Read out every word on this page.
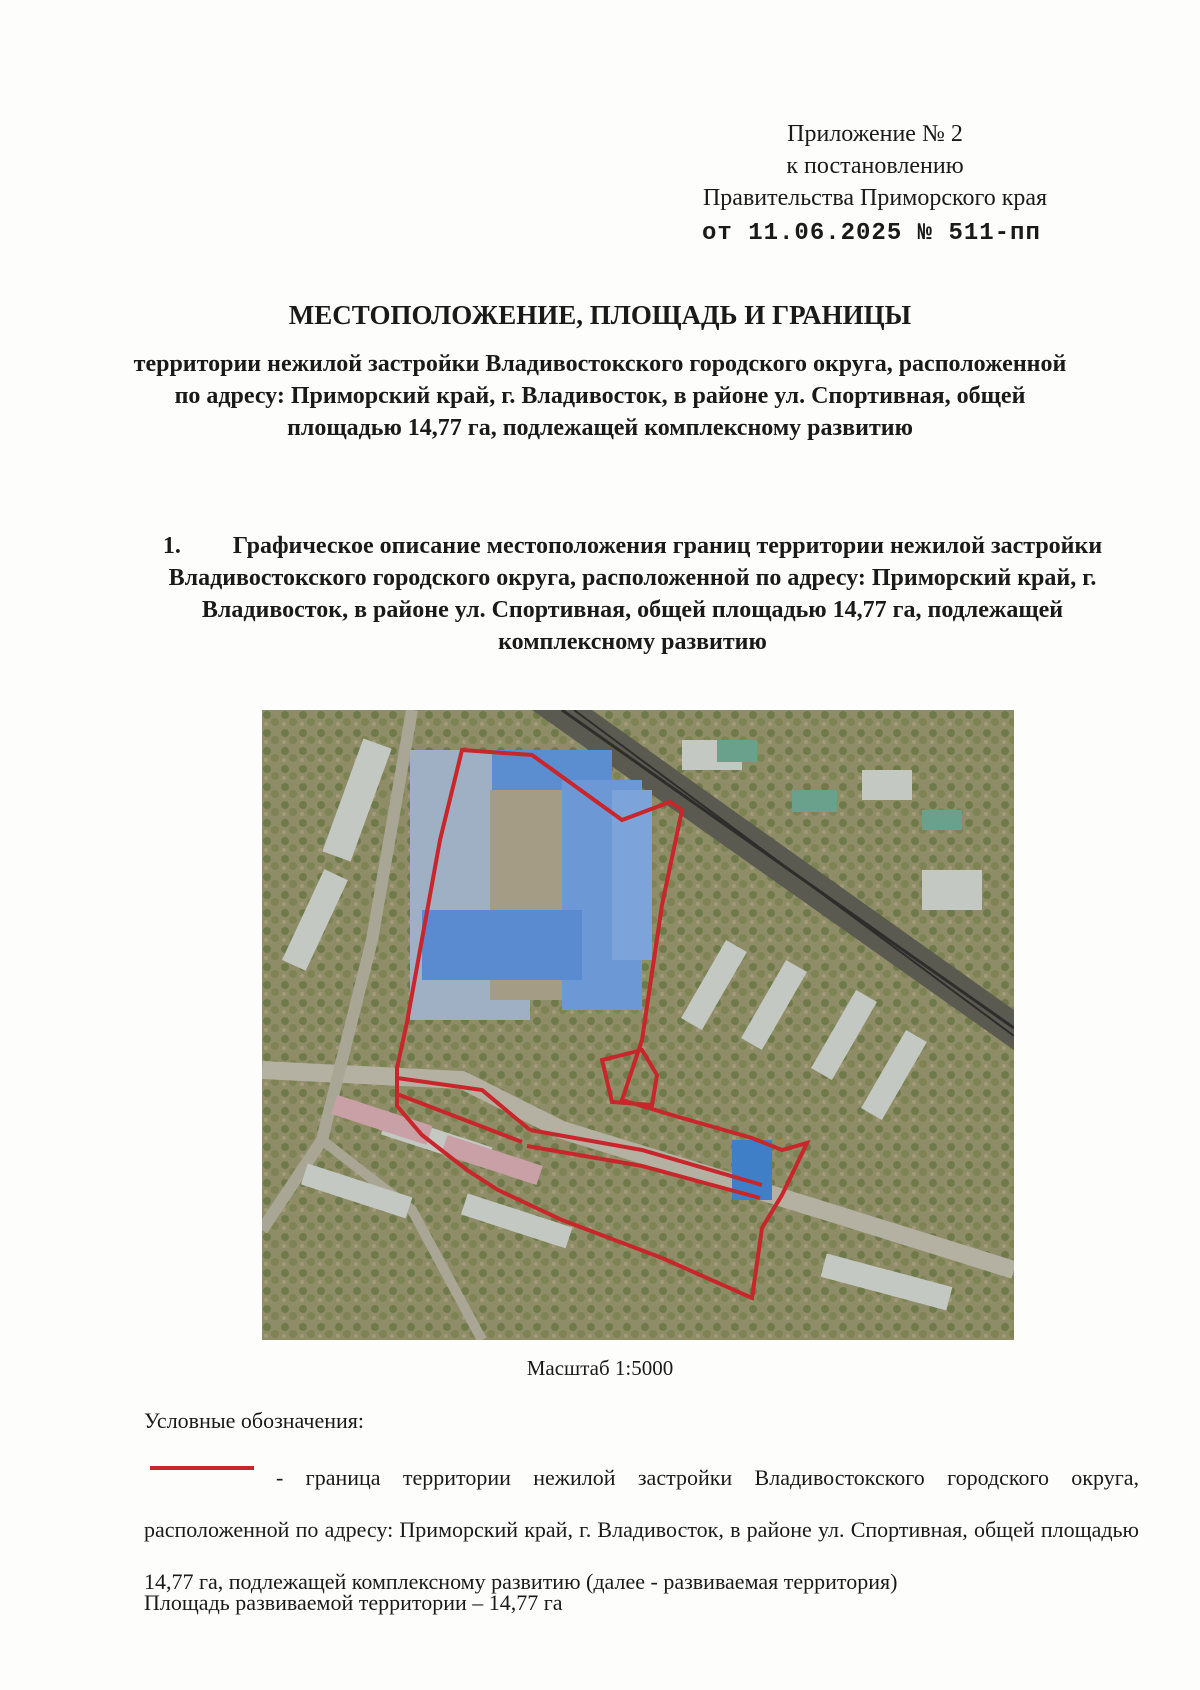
Приложение № 2
к постановлению
Правительства Приморского края
от 11.06.2025 № 511-пп
МЕСТОПОЛОЖЕНИЕ, ПЛОЩАДЬ И ГРАНИЦЫ
территории нежилой застройки Владивостокского городского округа, расположенной по адресу: Приморский край, г. Владивосток, в районе ул. Спортивная, общей площадью 14,77 га, подлежащей комплексному развитию
1. Графическое описание местоположения границ территории нежилой застройки Владивостокского городского округа, расположенной по адресу: Приморский край, г. Владивосток, в районе ул. Спортивная, общей площадью 14,77 га, подлежащей комплексному развитию
Масштаб 1:5000
Условные обозначения:
- граница территории нежилой застройки Владивостокского городского округа, расположенной по адресу: Приморский край, г. Владивосток, в районе ул. Спортивная, общей площадью 14,77 га, подлежащей комплексному развитию (далее - развиваемая территория)
Площадь развиваемой территории – 14,77 га
